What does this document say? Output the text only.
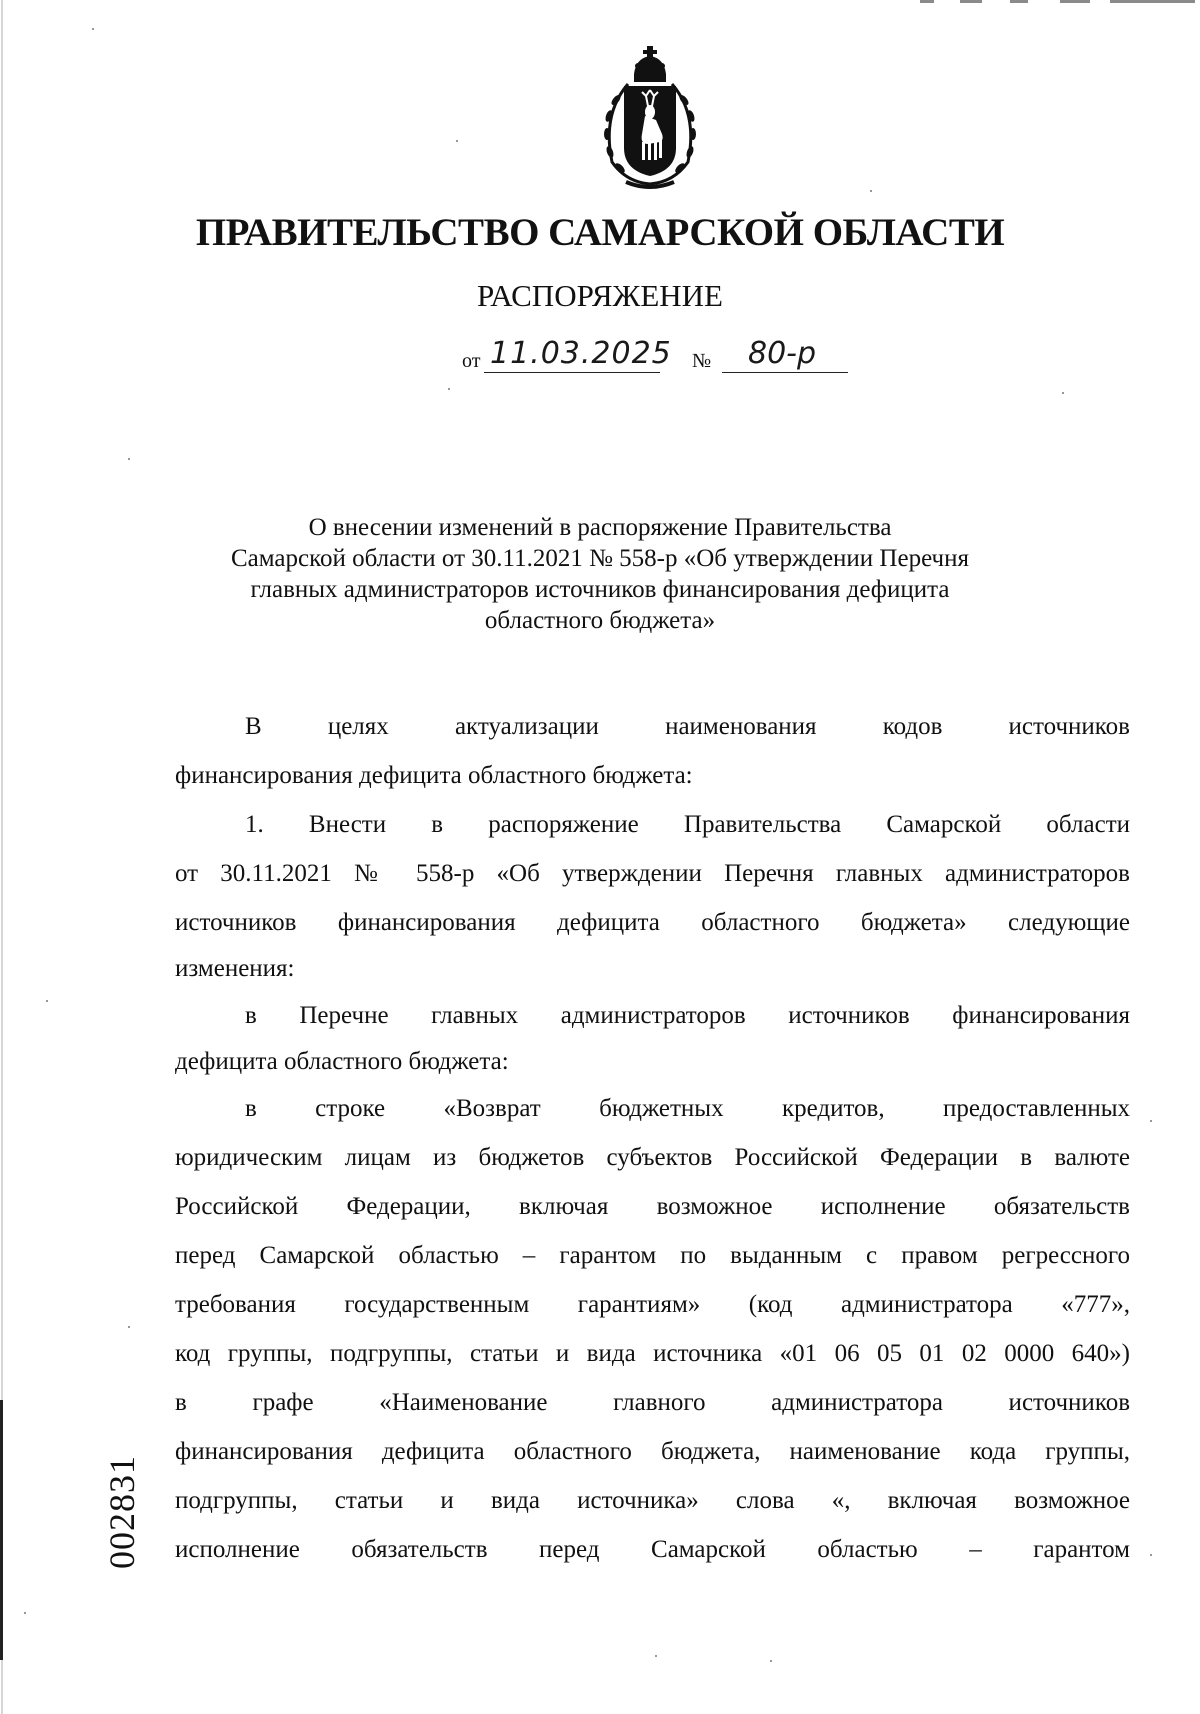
ПРАВИТЕЛЬСТВО САМАРСКОЙ ОБЛАСТИ
РАСПОРЯЖЕНИЕ
от 11.03.2025 № 80-р
О внесении изменений в распоряжение Правительства
Самарской области от 30.11.2021 № 558-р «Об утверждении Перечня
главных администраторов источников финансирования дефицита
областного бюджета»
В целях актуализации наименования кодов источников
финансирования дефицита областного бюджета:
1. Внести в распоряжение Правительства Самарской области
от 30.11.2021 № 558-р «Об утверждении Перечня главных администраторов
источников финансирования дефицита областного бюджета» следующие
изменения:
в Перечне главных администраторов источников финансирования
дефицита областного бюджета:
в строке «Возврат бюджетных кредитов, предоставленных
юридическим лицам из бюджетов субъектов Российской Федерации в валюте
Российской Федерации, включая возможное исполнение обязательств
перед Самарской областью – гарантом по выданным с правом регрессного
требования государственным гарантиям» (код администратора «777»,
код группы, подгруппы, статьи и вида источника «01 06 05 01 02 0000 640»)
в графе «Наименование главного администратора источников
финансирования дефицита областного бюджета, наименование кода группы,
подгруппы, статьи и вида источника» слова «, включая возможное
исполнение обязательств перед Самарской областью – гарантом
002831
